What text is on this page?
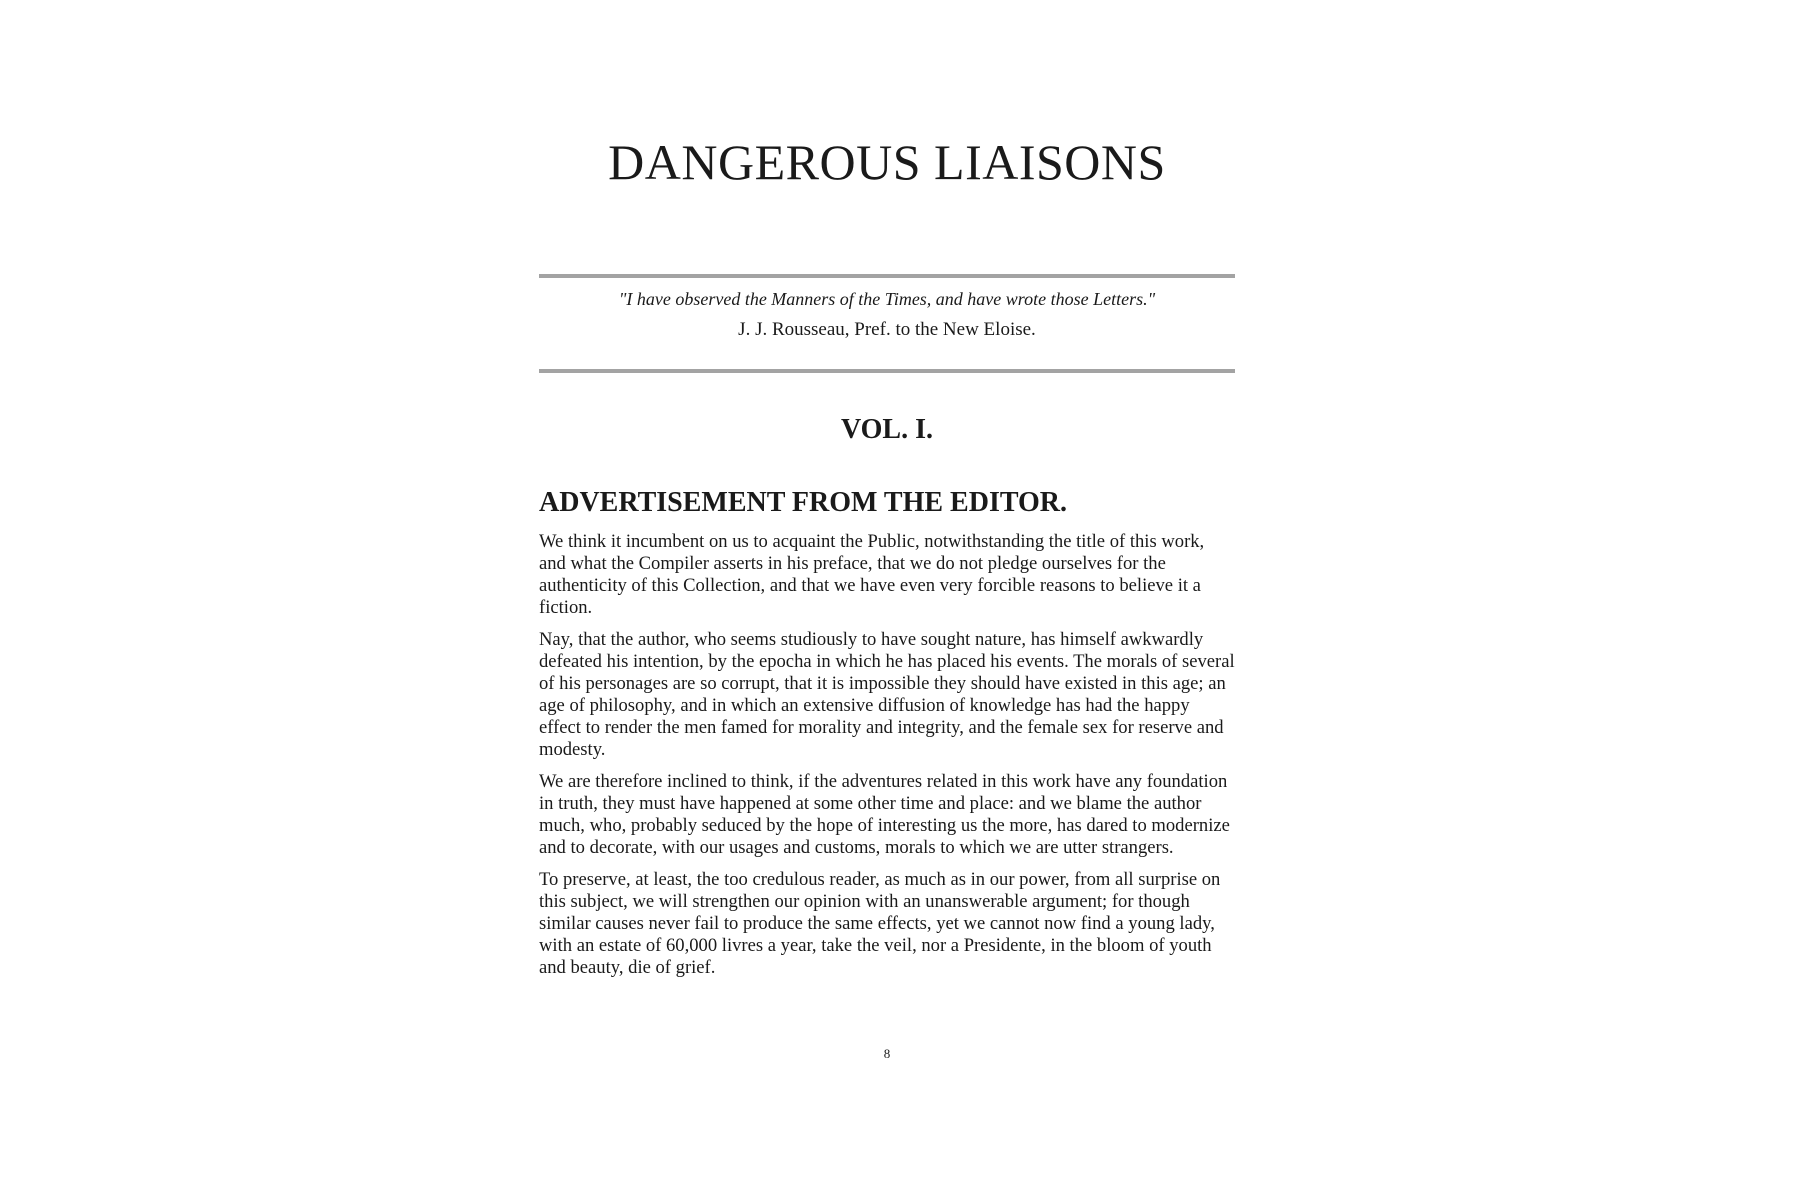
DANGEROUS LIAISONS

"I have observed the Manners of the Times, and have wrote those Letters."

J. J. Rousseau, Pref. to the New Eloise.

VOL. I.
ADVERTISEMENT FROM THE EDITOR.

We think it incumbent on us to acquaint the Public, notwithstanding the title of this work, and what the Compiler asserts in his preface, that we do not pledge ourselves for the authenticity of this Collection, and that we have even very forcible reasons to believe it a fiction.

Nay, that the author, who seems studiously to have sought nature, has himself awkwardly defeated his intention, by the epocha in which he has placed his events. The morals of several of his personages are so corrupt, that it is impossible they should have existed in this age; an age of philosophy, and in which an extensive diffusion of knowledge has had the happy effect to render the men famed for morality and integrity, and the female sex for reserve and modesty.

We are therefore inclined to think, if the adventures related in this work have any foundation in truth, they must have happened at some other time and place: and we blame the author much, who, probably seduced by the hope of interesting us the more, has dared to modernize and to decorate, with our usages and customs, morals to which we are utter strangers.

To preserve, at least, the too credulous reader, as much as in our power, from all surprise on this subject, we will strengthen our opinion with an unanswerable argument; for though similar causes never fail to produce the same effects, yet we cannot now find a young lady, with an estate of 60,000 livres a year, take the veil, nor a Presidente, in the bloom of youth and beauty, die of grief.

8
